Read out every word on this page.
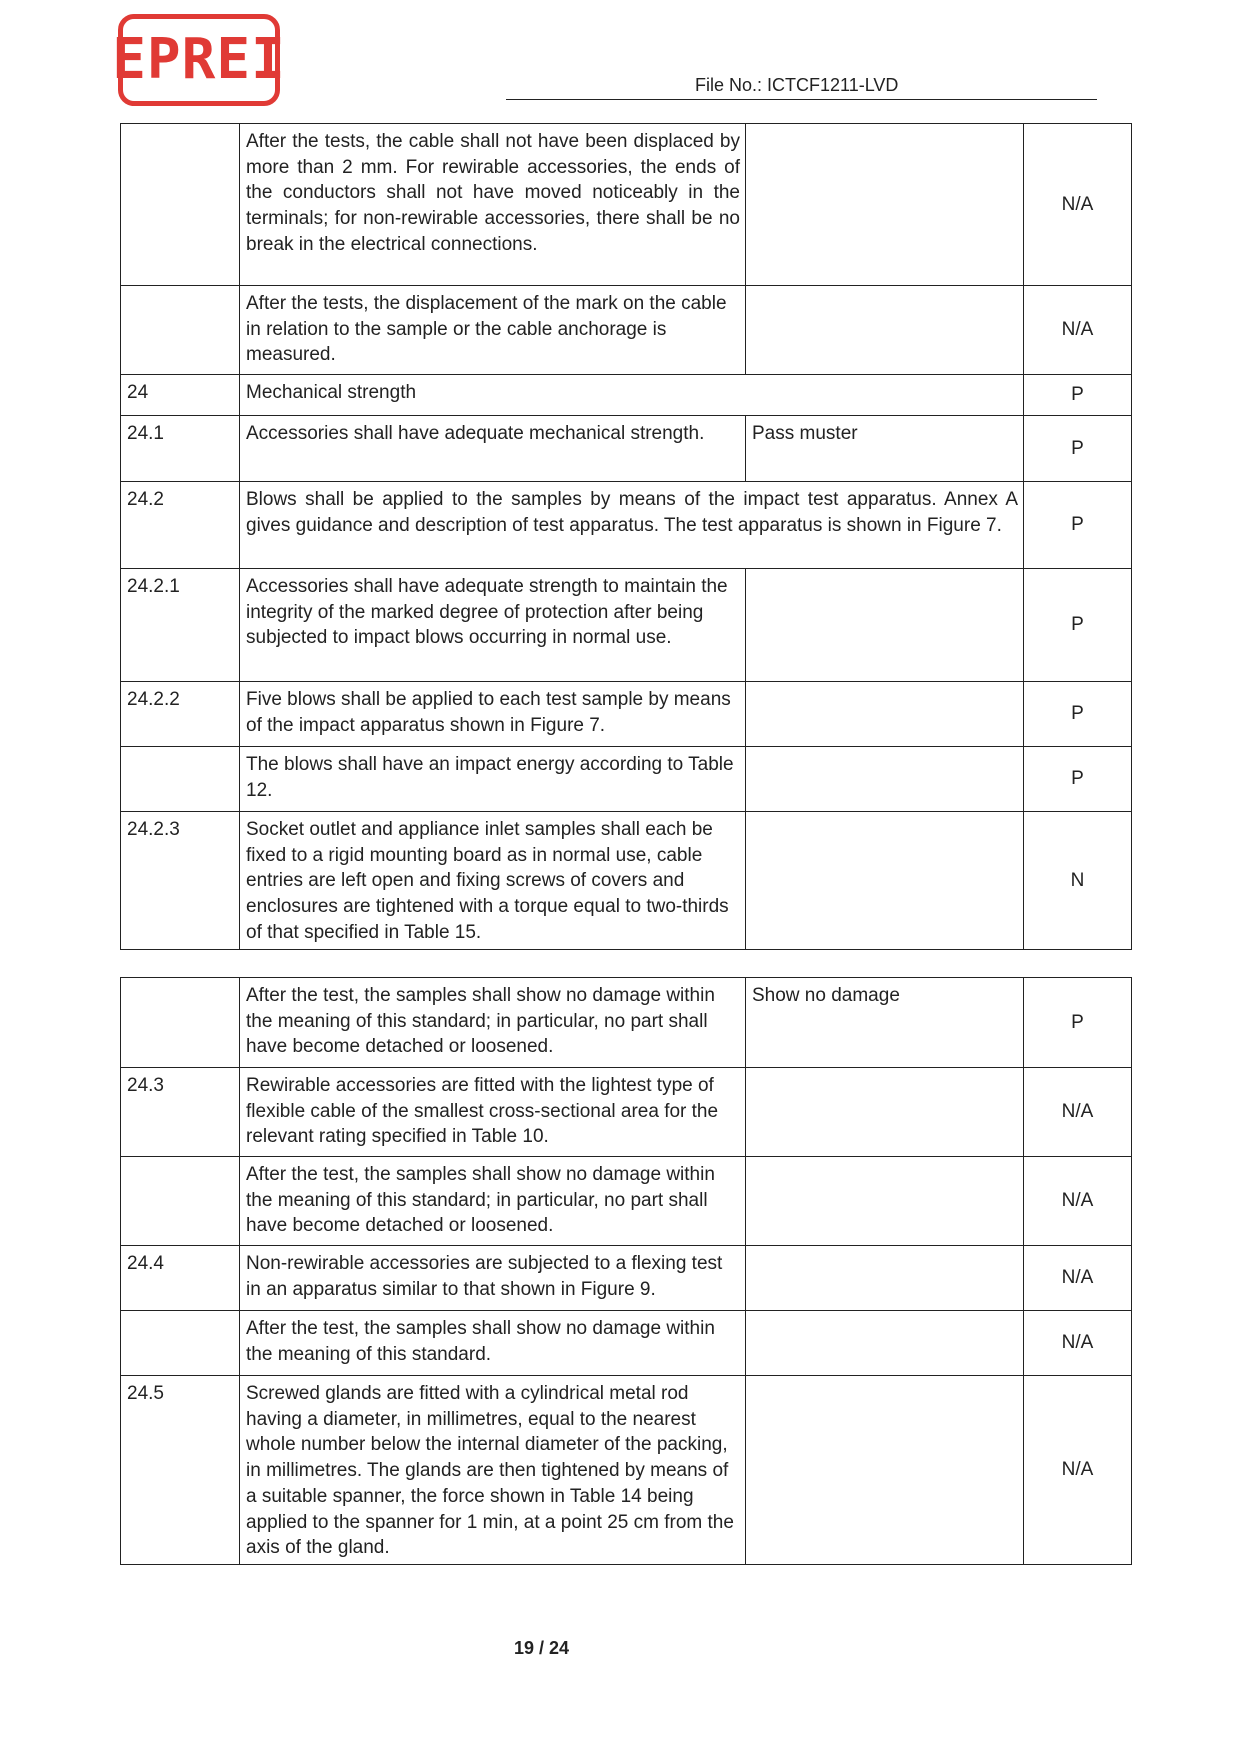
EPREI	File No.: ICTCF1211-LVD
	After the tests, the cable shall not have been displaced by more than 2 mm. For rewirable accessories, the ends of the conductors shall not have moved noticeably in the terminals; for non-rewirable accessories, there shall be no break in the electrical connections.		N/A
	After the tests, the displacement of the mark on the cable in relation to the sample or the cable anchorage is measured.		N/A
24	Mechanical strength		P
24.1	Accessories shall have adequate mechanical strength.	Pass muster	P
24.2	Blows shall be applied to the samples by means of the impact test apparatus. Annex A gives guidance and description of test apparatus. The test apparatus is shown in Figure 7.		P
24.2.1	Accessories shall have adequate strength to maintain the integrity of the marked degree of protection after being subjected to impact blows occurring in normal use.		P
24.2.2	Five blows shall be applied to each test sample by means of the impact apparatus shown in Figure 7.		P
	The blows shall have an impact energy according to Table 12.		P
24.2.3	Socket outlet and appliance inlet samples shall each be fixed to a rigid mounting board as in normal use, cable entries are left open and fixing screws of covers and enclosures are tightened with a torque equal to two-thirds of that specified in Table 15.		N
	After the test, the samples shall show no damage within the meaning of this standard; in particular, no part shall have become detached or loosened.	Show no damage	P
24.3	Rewirable accessories are fitted with the lightest type of flexible cable of the smallest cross-sectional area for the relevant rating specified in Table 10.		N/A
	After the test, the samples shall show no damage within the meaning of this standard; in particular, no part shall have become detached or loosened.		N/A
24.4	Non-rewirable accessories are subjected to a flexing test in an apparatus similar to that shown in Figure 9.		N/A
	After the test, the samples shall show no damage within the meaning of this standard.		N/A
24.5	Screwed glands are fitted with a cylindrical metal rod having a diameter, in millimetres, equal to the nearest whole number below the internal diameter of the packing, in millimetres. The glands are then tightened by means of a suitable spanner, the force shown in Table 14 being applied to the spanner for 1 min, at a point 25 cm from the axis of the gland.		N/A
19 / 24
